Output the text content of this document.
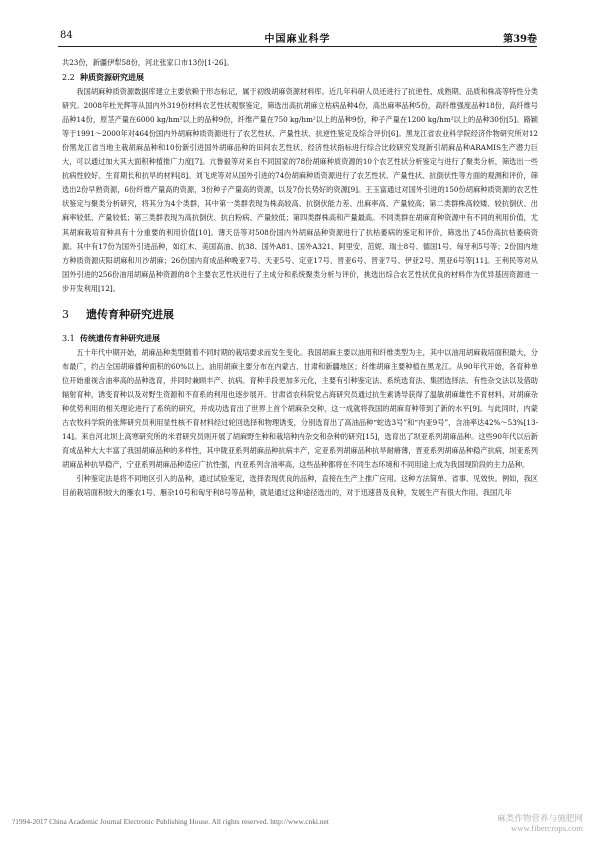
84	中国麻业科学	第39卷

共23份，新疆伊犁58份，河北张家口市13份[1-26]。

2.2 种质资源研究进展

我国胡麻种质资源数据库建立主要依赖于形态标记，属于初级胡麻资源材料库。近几年科研人员还进行了抗逆性、成熟期、品质和株高等特性分类研究。2008年杜光辉等从国内外319份材料农艺性状观察鉴定，筛选出高抗胡麻立枯病品种4份，高出麻率品种5份，高纤维强度品种18份，高纤维号品种14份，原茎产量在6000 kg/hm²以上的品种9份，纤维产量在750 kg/hm²以上的品种9份，种子产量在1200 kg/hm²以上的品种30份[5]。路颖等于1991～2000年对464份国内外胡麻种质资源进行了农艺性状、产量性状、抗逆性鉴定及综合评价[6]。黑龙江省农业科学院经济作物研究所对12份黑龙江省当地主栽胡麻品种和10份新引进国外胡麻品种的田间农艺性状、经济性状指标进行综合比较研究发现新引胡麻品种ARAMIS生产潜力巨大，可以通过加大其大面积种植推广力度[7]。亢鲁毅等对来自不同国家的78份胡麻种质资源的10个农艺性状分析鉴定与进行了聚类分析，筛选出一些抗病性较好、生育期长和抗旱的材料[8]。刘飞虎等对从国外引进的74份胡麻种质资源进行了农艺性状、产量性状、抗倒伏性等方面的观测和评价，筛选出2份早熟资源，6份纤维产量高的资源，3份种子产量高的资源，以及7份长势好的资源[9]。王玉富通过对国外引进的150份胡麻种质资源的农艺性状鉴定与聚类分析研究，将其分为4个类群，其中第一类群表现为株高较高、抗倒伏能力差、出麻率高、产量较高；第二类群株高较矮、较抗倒伏、出麻率较低、产量较低；第三类群表现为高抗倒伏、抗白粉病、产量较低；第四类群株高和产量最高。不同类群在胡麻育种资源中有不同的利用价值，尤其胡麻栽培育种具有十分重要的利用价值[10]。薄天岳等对508份国内外胡麻品种资源进行了抗枯萎病的鉴定和评价，筛选出了45份高抗枯萎病资源。其中有17份为国外引进品种，如红木、美国高油、抗38、国外A81、国外A321、阿里安、范妮、瑞士8号、德国1号、匈牙利5号等；2份国内地方种质资源庆阳胡麻和川沙胡麻；26份国内育成品种晚亚7号、天亚5号、定亚17号、晋亚6号、晋亚7号、伊亚2号、黑亚6号等[11]。王利民等对从国外引进的256份油用胡麻品种资源的8个主要农艺性状进行了主成分和系统聚类分析与评价，挑选出综合农艺性状优良的材料作为优异基因资源进一步开发利用[12]。

3 遗传育种研究进展
3.1 传统遗传育种研究进展

五十年代中期开始，胡麻品种类型随着不同时期的栽培要求而发生变化。我国胡麻主要以油用和纤维类型为主，其中以油用胡麻栽培面积最大，分布最广，约占全国胡麻播种面积的60%以上。油用胡麻主要分布在内蒙古、甘肃和新疆地区；纤维胡麻主要种植在黑龙江。从90年代开始，各育种单位开始重视含油率高的品种选育，并同时兼顾丰产、抗病。育种手段更加多元化，主要有引种鉴定法、系统选育法、集团选择法、有性杂交法以及借助辐射育种，诱变育种以及对野生资源和不育系的利用也逐步展开。甘肃省农科院党占海研究员通过抗生素诱导获得了温敏胡麻雄性不育材料，对胡麻杂种优势利用的相关理论进行了系统的研究，并成功选育出了世界上首个胡麻杂交种，这一成就将我国的胡麻育种带到了新的水平[9]。与此同时，内蒙古农牧科学院的张辉研究员利用显性核不育材料经过轮回选择和物理诱变，分别选育出了高油品种“蛇选3号”和“内亚9号”，含油率达42%～53%[13-14]。来自河北坝上高寒研究所的米君研究员则开展了胡麻野生种和栽培种内杂交和杂种的研究[15]，选育出了坝亚系列胡麻品种。这些90年代以后新育成品种大大丰富了我国胡麻品种的多样性，其中陇亚系列胡麻品种抗病丰产，定亚系列胡麻品种抗旱耐瘠薄，晋亚系列胡麻品种稳产抗病，坝亚系列胡麻品种抗旱稳产，宁亚系列胡麻品种适应广抗性强，内亚系列含油率高，这些品种都将在不同生态环境和不同用途上成为我国现阶段的主力品种。

引种鉴定法是将不同地区引入的品种，通过试验鉴定，选择表现优良的品种，直接在生产上推广应用。这种方法简单、省事、见效快。例如，我区目前栽培面积较大的雁农1号、雁杂10号和匈牙利8号等品种，就是通过这种途径选出的，对于迅速普及良种，发展生产有很大作用。我国几年

?1994-2017 China Academic Journal Electronic Publishing House. All rights reserved. http://www.cnki.net	麻类作物营养与施肥网
www.fibercrops.com
